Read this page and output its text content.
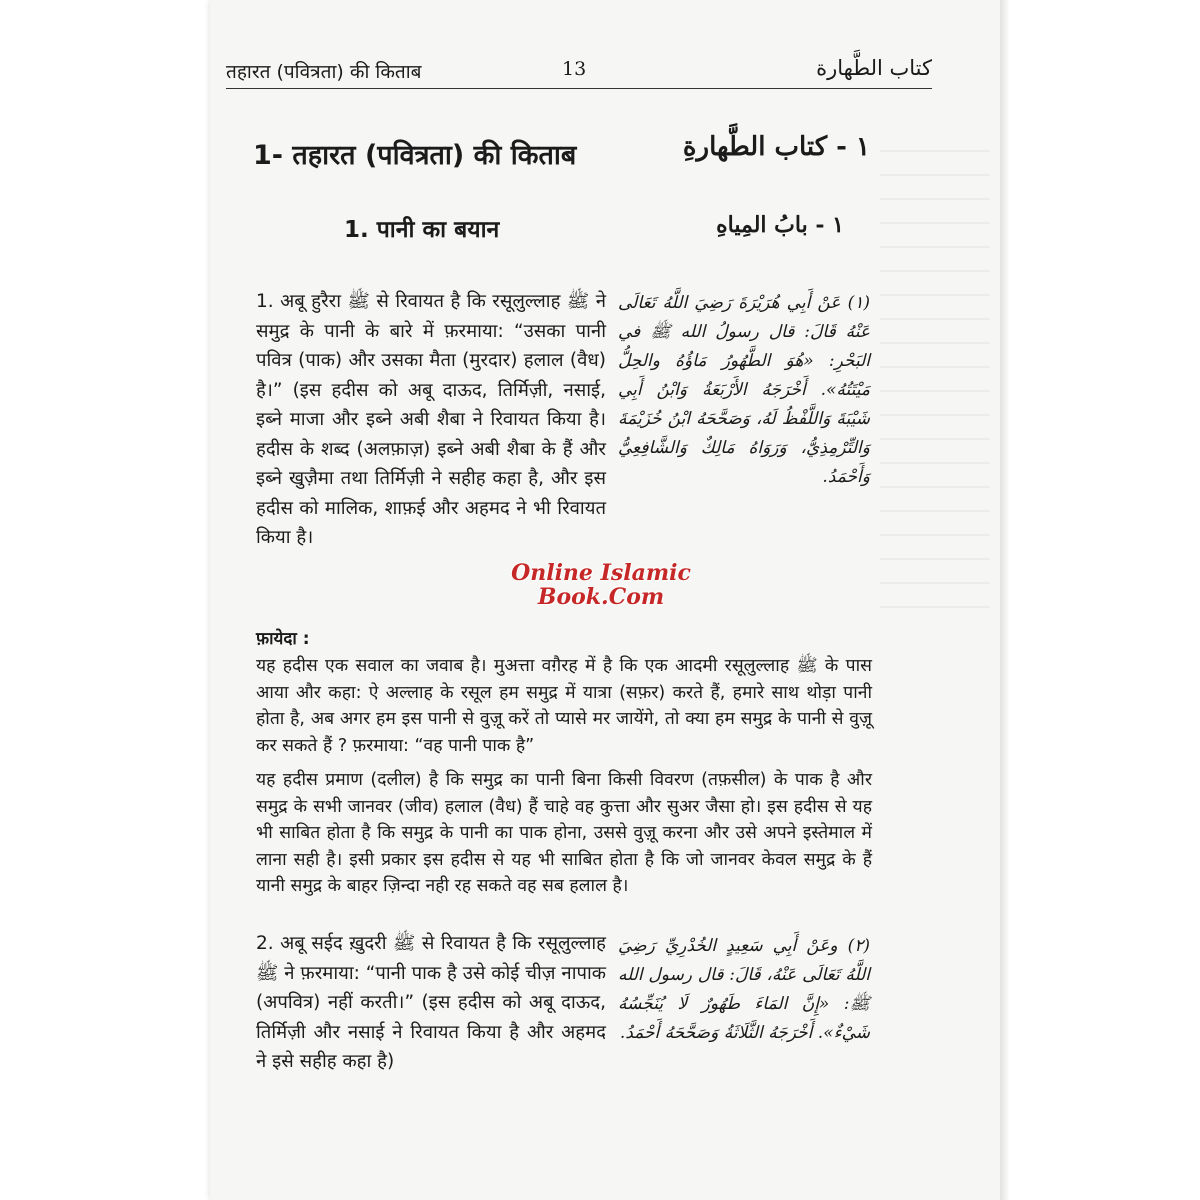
तहारत (पवित्रता) की किताब	13	كتاب الطَّهارة
1- तहारत (पवित्रता) की किताब	١ - كتاب الطَّهارةِ
1. पानी का बयान	١ - بابُ المِياهِ
1. अबू हुरैरा ﷺ से रिवायत है कि रसूलुल्लाह ﷺ ने समुद्र के पानी के बारे में फ़रमाया: “उसका पानी पवित्र (पाक) और उसका मैता (मुरदार) हलाल (वैध) है।” (इस हदीस को अबू दाऊद, तिर्मिज़ी, नसाई, इब्ने माजा और इब्ने अबी शैबा ने रिवायत किया है। हदीस के शब्द (अलफ़ाज़) इब्ने अबी शैबा के हैं और इब्ने खुज़ैमा तथा तिर्मिज़ी ने सहीह कहा है, और इस हदीस को मालिक, शाफ़ई और अहमद ने भी रिवायत किया है।
(١) عَنْ أَبِي هُرَيْرَةَ رَضِيَ اللَّهُ تَعَالَى عَنْهُ قَالَ: قال رسولُ الله ﷺ في البَحْرِ: «هُوَ الطَّهُورُ مَاؤُهُ والحِلُّ مَيْتَتُهُ». أَخْرَجَهُ الأَرْبَعَةُ وَابْنُ أَبِي شَيْبَةَ وَاللَّفْظُ لَهُ، وَصَحَّحَهُ ابْنُ خُزَيْمَةَ وَالتِّرْمِذِيُّ، وَرَوَاهُ مَالِكٌ وَالشَّافِعِيُّ وَأَحْمَدُ.
Online Islamic
Book.Com
फ़ायेदा :
यह हदीस एक सवाल का जवाब है। मुअत्ता वग़ैरह में है कि एक आदमी रसूलुल्लाह ﷺ के पास आया और कहा: ऐ अल्लाह के रसूल हम समुद्र में यात्रा (सफ़र) करते हैं, हमारे साथ थोड़ा पानी होता है, अब अगर हम इस पानी से वुज़ू करें तो प्यासे मर जायेंगे, तो क्या हम समुद्र के पानी से वुज़ू कर सकते हैं ? फ़रमाया: “वह पानी पाक है”
यह हदीस प्रमाण (दलील) है कि समुद्र का पानी बिना किसी विवरण (तफ़सील) के पाक है और समुद्र के सभी जानवर (जीव) हलाल (वैध) हैं चाहे वह कुत्ता और सुअर जैसा हो। इस हदीस से यह भी साबित होता है कि समुद्र के पानी का पाक होना, उससे वुज़ू करना और उसे अपने इस्तेमाल में लाना सही है। इसी प्रकार इस हदीस से यह भी साबित होता है कि जो जानवर केवल समुद्र के हैं यानी समुद्र के बाहर ज़िन्दा नही रह सकते वह सब हलाल है।
2. अबू सईद ख़ुदरी ﷺ से रिवायत है कि रसूलुल्लाह ﷺ ने फ़रमाया: “पानी पाक है उसे कोई चीज़ नापाक (अपवित्र) नहीं करती।” (इस हदीस को अबू दाऊद, तिर्मिज़ी और नसाई ने रिवायत किया है और अहमद ने इसे सहीह कहा है)
(٢) وعَنْ أَبِي سَعِيدٍ الخُدْرِيِّ رَضِيَ اللَّهُ تَعَالَى عَنْهُ، قَالَ: قال رسول الله ﷺ: «إِنَّ المَاءَ طَهُورٌ لَا يُنَجِّسُهُ شَيْءٌ». أَخْرَجَهُ الثَّلَاثَةُ وَصَحَّحَهُ أَحْمَدُ.
